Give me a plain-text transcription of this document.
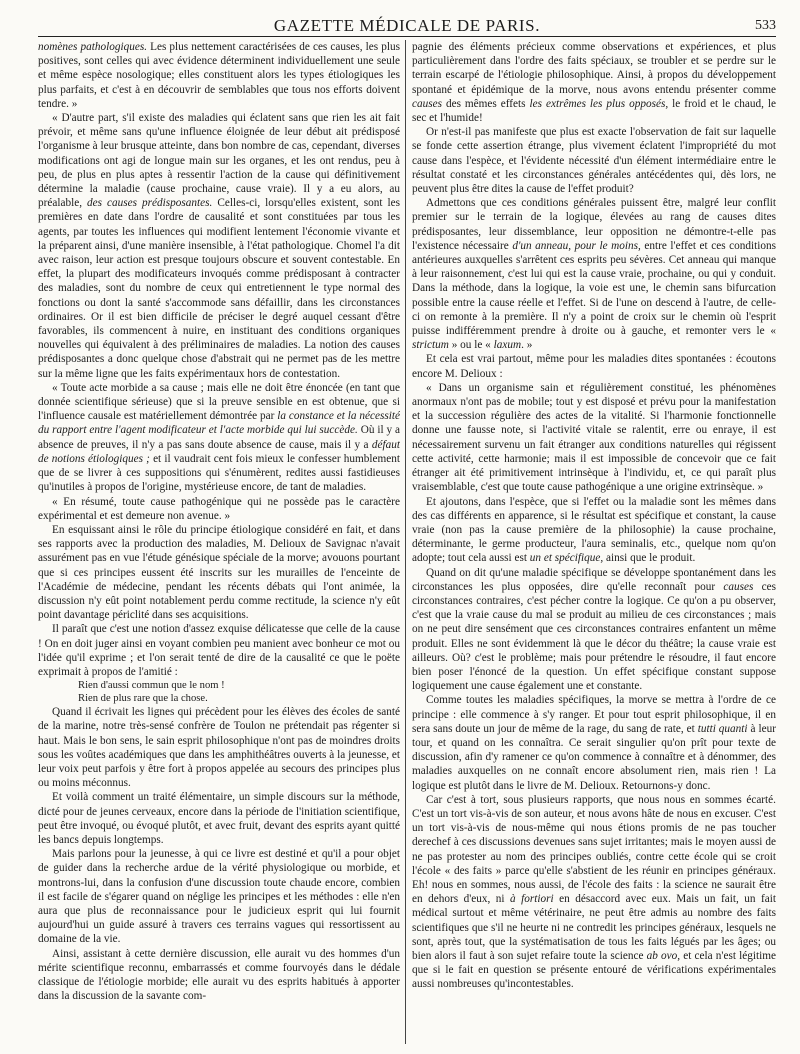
GAZETTE MÉDICALE DE PARIS.	533

nomènes pathologiques. Les plus nettement caractérisées de ces causes, les plus positives, sont celles qui avec évidence déterminent individuellement une seule et même espèce nosologique; elles constituent alors les types étiologiques les plus parfaits, et c'est à en découvrir de semblables que tous nos efforts doivent tendre. »

« D'autre part, s'il existe des maladies qui éclatent sans que rien les ait fait prévoir, et même sans qu'une influence éloignée de leur début ait prédisposé l'organisme à leur brusque atteinte, dans bon nombre de cas, cependant, diverses modifications ont agi de longue main sur les organes, et les ont rendus, peu à peu, de plus en plus aptes à ressentir l'action de la cause qui définitivement détermine la maladie (cause prochaine, cause vraie). Il y a eu alors, au préalable, des causes prédisposantes. Celles-ci, lorsqu'elles existent, sont les premières en date dans l'ordre de causalité et sont constituées par tous les agents, par toutes les influences qui modifient lentement l'économie vivante et la préparent ainsi, d'une manière insensible, à l'état pathologique. Chomel l'a dit avec raison, leur action est presque toujours obscure et souvent contestable. En effet, la plupart des modificateurs invoqués comme prédisposant à contracter des maladies, sont du nombre de ceux qui entretiennent le type normal des fonctions ou dont la santé s'accommode sans défaillir, dans les circonstances ordinaires. Or il est bien difficile de préciser le degré auquel cessant d'être favorables, ils commencent à nuire, en instituant des conditions organiques nouvelles qui équivalent à des préliminaires de maladies. La notion des causes prédisposantes a donc quelque chose d'abstrait qui ne permet pas de les mettre sur la même ligne que les faits expérimentaux hors de contestation.

« Toute acte morbide a sa cause ; mais elle ne doit être énoncée (en tant que donnée scientifique sérieuse) que si la preuve sensible en est obtenue, que si l'influence causale est matériellement démontrée par la constance et la nécessité du rapport entre l'agent modificateur et l'acte morbide qui lui succède. Où il y a absence de preuves, il n'y a pas sans doute absence de cause, mais il y a défaut de notions étiologiques ; et il vaudrait cent fois mieux le confesser humblement que de se livrer à ces suppositions qui s'énumèrent, redites aussi fastidieuses qu'inutiles à propos de l'origine, mystérieuse encore, de tant de maladies.

« En résumé, toute cause pathogénique qui ne possède pas le caractère expérimental et est demeure non avenue. »

En esquissant ainsi le rôle du principe étiologique considéré en fait, et dans ses rapports avec la production des maladies, M. Delioux de Savignac n'avait assurément pas en vue l'étude génésique spéciale de la morve; avouons pourtant que si ces principes eussent été inscrits sur les murailles de l'enceinte de l'Académie de médecine, pendant les récents débats qui l'ont animée, la discussion n'y eût point notablement perdu comme rectitude, la science n'y eût point davantage périclité dans ses acquisitions.

Il paraît que c'est une notion d'assez exquise délicatesse que celle de la cause ! On en doit juger ainsi en voyant combien peu manient avec bonheur ce mot ou l'idée qu'il exprime ; et l'on serait tenté de dire de la causalité ce que le poëte exprimait à propos de l'amitié :

Rien d'aussi commun que le nom !
Rien de plus rare que la chose.

Quand il écrivait les lignes qui précèdent pour les élèves des écoles de santé de la marine, notre très-sensé confrère de Toulon ne prétendait pas régenter si haut. Mais le bon sens, le sain esprit philosophique n'ont pas de moindres droits sous les voûtes académiques que dans les amphithéâtres ouverts à la jeunesse, et leur voix peut parfois y être fort à propos appelée au secours des principes plus ou moins méconnus.

Et voilà comment un traité élémentaire, un simple discours sur la méthode, dicté pour de jeunes cerveaux, encore dans la période de l'initiation scientifique, peut être invoqué, ou évoqué plutôt, et avec fruit, devant des esprits ayant quitté les bancs depuis longtemps.

Mais parlons pour la jeunesse, à qui ce livre est destiné et qu'il a pour objet de guider dans la recherche ardue de la vérité physiologique ou morbide, et montrons-lui, dans la confusion d'une discussion toute chaude encore, combien il est facile de s'égarer quand on néglige les principes et les méthodes : elle n'en aura que plus de reconnaissance pour le judicieux esprit qui lui fournit aujourd'hui un guide assuré à travers ces terrains vagues qui ressortissent au domaine de la vie.

Ainsi, assistant à cette dernière discussion, elle aurait vu des hommes d'un mérite scientifique reconnu, embarrassés et comme fourvoyés dans le dédale classique de l'étiologie morbide; elle aurait vu des esprits habitués à apporter dans la discussion de la savante com-

pagnie des éléments précieux comme observations et expériences, et plus particulièrement dans l'ordre des faits spéciaux, se troubler et se perdre sur le terrain escarpé de l'étiologie philosophique. Ainsi, à propos du développement spontané et épidémique de la morve, nous avons entendu présenter comme causes des mêmes effets les extrêmes les plus opposés, le froid et le chaud, le sec et l'humide!

Or n'est-il pas manifeste que plus est exacte l'observation de fait sur laquelle se fonde cette assertion étrange, plus vivement éclatent l'impropriété du mot cause dans l'espèce, et l'évidente nécessité d'un élément intermédiaire entre le résultat constaté et les circonstances générales antécédentes qui, dès lors, ne peuvent plus être dites la cause de l'effet produit?

Admettons que ces conditions générales puissent être, malgré leur conflit premier sur le terrain de la logique, élevées au rang de causes dites prédisposantes, leur dissemblance, leur opposition ne démontre-t-elle pas l'existence nécessaire d'un anneau, pour le moins, entre l'effet et ces conditions antérieures auxquelles s'arrêtent ces esprits peu sévères. Cet anneau qui manque à leur raisonnement, c'est lui qui est la cause vraie, prochaine, ou qui y conduit. Dans la méthode, dans la logique, la voie est une, le chemin sans bifurcation possible entre la cause réelle et l'effet. Si de l'une on descend à l'autre, de celle-ci on remonte à la première. Il n'y a point de croix sur le chemin où l'esprit puisse indifféremment prendre à droite ou à gauche, et remonter vers le « strictum » ou le « laxum. »

Et cela est vrai partout, même pour les maladies dites spontanées : écoutons encore M. Delioux :

« Dans un organisme sain et régulièrement constitué, les phénomènes anormaux n'ont pas de mobile; tout y est disposé et prévu pour la manifestation et la succession régulière des actes de la vitalité. Si l'harmonie fonctionnelle donne une fausse note, si l'activité vitale se ralentit, erre ou enraye, il est nécessairement survenu un fait étranger aux conditions naturelles qui régissent cette activité, cette harmonie; mais il est impossible de concevoir que ce fait étranger ait été primitivement intrinsèque à l'individu, et, ce qui paraît plus vraisemblable, c'est que toute cause pathogénique a une origine extrinsèque. »

Et ajoutons, dans l'espèce, que si l'effet ou la maladie sont les mêmes dans des cas différents en apparence, si le résultat est spécifique et constant, la cause vraie (non pas la cause première de la philosophie) la cause prochaine, déterminante, le germe producteur, l'aura seminalis, etc., quelque nom qu'on adopte; tout cela aussi est un et spécifique, ainsi que le produit.

Quand on dit qu'une maladie spécifique se développe spontanément dans les circonstances les plus opposées, dire qu'elle reconnaît pour causes ces circonstances contraires, c'est pécher contre la logique. Ce qu'on a pu observer, c'est que la vraie cause du mal se produit au milieu de ces circonstances ; mais on ne peut dire sensément que ces circonstances contraires enfantent un même produit. Elles ne sont évidemment là que le décor du théâtre; la cause vraie est ailleurs. Où? c'est le problème; mais pour prétendre le résoudre, il faut encore bien poser l'énoncé de la question. Un effet spécifique constant suppose logiquement une cause également une et constante.

Comme toutes les maladies spécifiques, la morve se mettra à l'ordre de ce principe : elle commence à s'y ranger. Et pour tout esprit philosophique, il en sera sans doute un jour de même de la rage, du sang de rate, et tutti quanti à leur tour, et quand on les connaîtra. Ce serait singulier qu'on prît pour texte de discussion, afin d'y ramener ce qu'on commence à connaître et à dénommer, des maladies auxquelles on ne connaît encore absolument rien, mais rien ! La logique est plutôt dans le livre de M. Delioux. Retournons-y donc.

Car c'est à tort, sous plusieurs rapports, que nous nous en sommes écarté. C'est un tort vis-à-vis de son auteur, et nous avons hâte de nous en excuser. C'est un tort vis-à-vis de nous-même qui nous étions promis de ne pas toucher derechef à ces discussions devenues sans sujet irritantes; mais le moyen aussi de ne pas protester au nom des principes oubliés, contre cette école qui se croit l'école « des faits » parce qu'elle s'abstient de les réunir en principes généraux. Eh! nous en sommes, nous aussi, de l'école des faits : la science ne saurait être en dehors d'eux, ni à fortiori en désaccord avec eux. Mais un fait, un fait médical surtout et même vétérinaire, ne peut être admis au nombre des faits scientifiques que s'il ne heurte ni ne contredit les principes généraux, lesquels ne sont, après tout, que la systématisation de tous les faits légués par les âges; ou bien alors il faut à son sujet refaire toute la science ab ovo, et cela n'est légitime que si le fait en question se présente entouré de vérifications expérimentales aussi nombreuses qu'incontestables.
